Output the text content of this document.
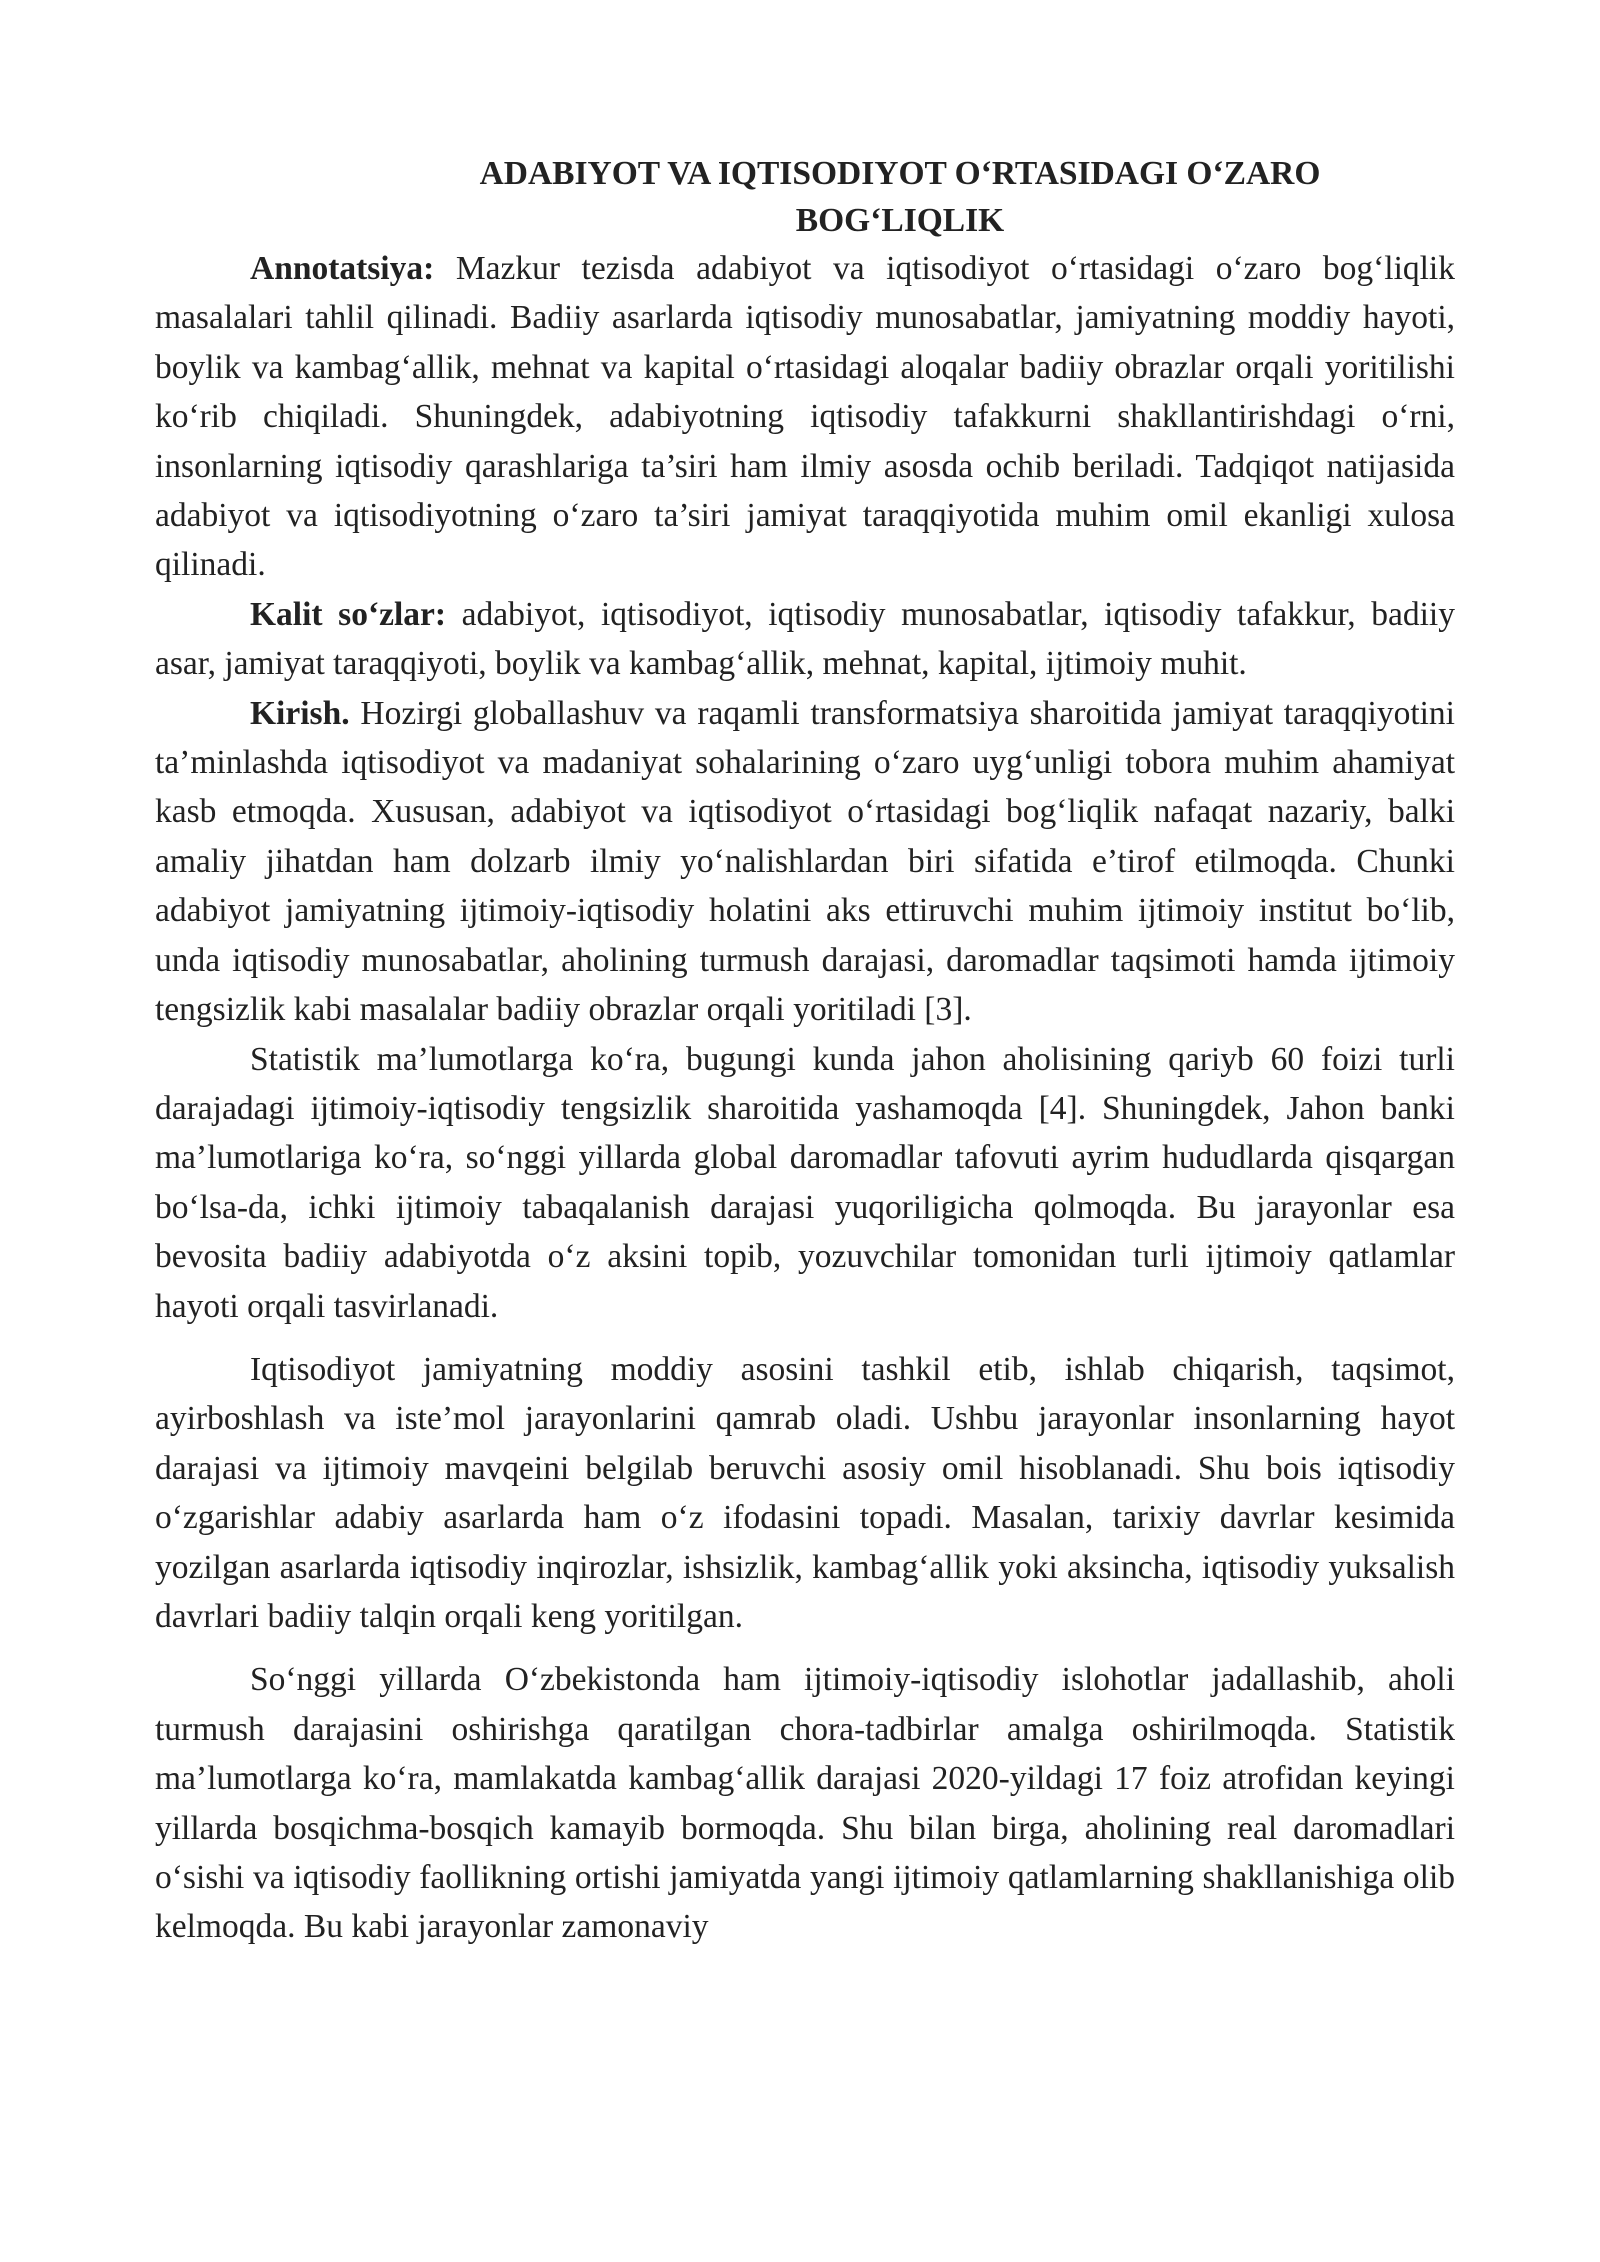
ADABIYOT VA IQTISODIYOT O‘RTASIDAGI O‘ZARO
BOG‘LIQLIK

Annotatsiya: Mazkur tezisda adabiyot va iqtisodiyot o‘rtasidagi o‘zaro bog‘liqlik masalalari tahlil qilinadi. Badiiy asarlarda iqtisodiy munosabatlar, jamiyatning moddiy hayoti, boylik va kambag‘allik, mehnat va kapital o‘rtasidagi aloqalar badiiy obrazlar orqali yoritilishi ko‘rib chiqiladi. Shuningdek, adabiyotning iqtisodiy tafakkurni shakllantirishdagi o‘rni, insonlarning iqtisodiy qarashlariga ta’siri ham ilmiy asosda ochib beriladi. Tadqiqot natijasida adabiyot va iqtisodiyotning o‘zaro ta’siri jamiyat taraqqiyotida muhim omil ekanligi xulosa qilinadi.

Kalit so‘zlar: adabiyot, iqtisodiyot, iqtisodiy munosabatlar, iqtisodiy tafakkur, badiiy asar, jamiyat taraqqiyoti, boylik va kambag‘allik, mehnat, kapital, ijtimoiy muhit.

Kirish. Hozirgi globallashuv va raqamli transformatsiya sharoitida jamiyat taraqqiyotini ta’minlashda iqtisodiyot va madaniyat sohalarining o‘zaro uyg‘unligi tobora muhim ahamiyat kasb etmoqda. Xususan, adabiyot va iqtisodiyot o‘rtasidagi bog‘liqlik nafaqat nazariy, balki amaliy jihatdan ham dolzarb ilmiy yo‘nalishlardan biri sifatida e’tirof etilmoqda. Chunki adabiyot jamiyatning ijtimoiy-iqtisodiy holatini aks ettiruvchi muhim ijtimoiy institut bo‘lib, unda iqtisodiy munosabatlar, aholining turmush darajasi, daromadlar taqsimoti hamda ijtimoiy tengsizlik kabi masalalar badiiy obrazlar orqali yoritiladi [3].

Statistik ma’lumotlarga ko‘ra, bugungi kunda jahon aholisining qariyb 60 foizi turli darajadagi ijtimoiy-iqtisodiy tengsizlik sharoitida yashamoqda [4]. Shuningdek, Jahon banki ma’lumotlariga ko‘ra, so‘nggi yillarda global daromadlar tafovuti ayrim hududlarda qisqargan bo‘lsa-da, ichki ijtimoiy tabaqalanish darajasi yuqoriligicha qolmoqda. Bu jarayonlar esa bevosita badiiy adabiyotda o‘z aksini topib, yozuvchilar tomonidan turli ijtimoiy qatlamlar hayoti orqali tasvirlanadi.

Iqtisodiyot jamiyatning moddiy asosini tashkil etib, ishlab chiqarish, taqsimot, ayirboshlash va iste’mol jarayonlarini qamrab oladi. Ushbu jarayonlar insonlarning hayot darajasi va ijtimoiy mavqeini belgilab beruvchi asosiy omil hisoblanadi. Shu bois iqtisodiy o‘zgarishlar adabiy asarlarda ham o‘z ifodasini topadi. Masalan, tarixiy davrlar kesimida yozilgan asarlarda iqtisodiy inqirozlar, ishsizlik, kambag‘allik yoki aksincha, iqtisodiy yuksalish davrlari badiiy talqin orqali keng yoritilgan.

So‘nggi yillarda O‘zbekistonda ham ijtimoiy-iqtisodiy islohotlar jadallashib, aholi turmush darajasini oshirishga qaratilgan chora-tadbirlar amalga oshirilmoqda. Statistik ma’lumotlarga ko‘ra, mamlakatda kambag‘allik darajasi 2020-yildagi 17 foiz atrofidan keyingi yillarda bosqichma-bosqich kamayib bormoqda. Shu bilan birga, aholining real daromadlari o‘sishi va iqtisodiy faollikning ortishi jamiyatda yangi ijtimoiy qatlamlarning shakllanishiga olib kelmoqda. Bu kabi jarayonlar zamonaviy
